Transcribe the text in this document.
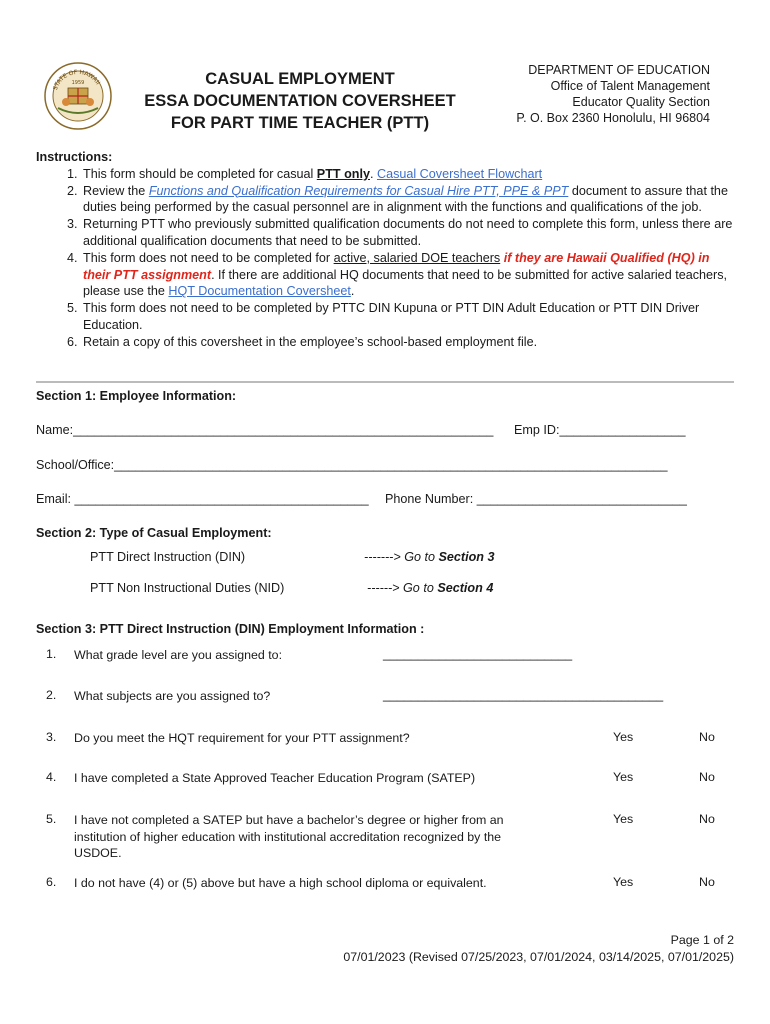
STATE OF HAWAII
1959	CASUAL EMPLOYMENT
ESSA DOCUMENTATION COVERSHEET
FOR PART TIME TEACHER (PTT)
DEPARTMENT OF EDUCATION
Office of Talent Management
Educator Quality Section
P. O. Box 2360 Honolulu, HI 96804
Instructions:
1. This form should be completed for casual PTT only. Casual Coversheet Flowchart
2. Review the Functions and Qualification Requirements for Casual Hire PTT, PPE & PPT document to assure that the duties being performed by the casual personnel are in alignment with the functions and qualifications of the job.
3. Returning PTT who previously submitted qualification documents do not need to complete this form, unless there are additional qualification documents that need to be submitted.
4. This form does not need to be completed for active, salaried DOE teachers if they are Hawaii Qualified (HQ) in their PTT assignment. If there are additional HQ documents that need to be submitted for active salaried teachers, please use the HQT Documentation Coversheet.
5. This form does not need to be completed by PTTC DIN Kupuna or PTT DIN Adult Education or PTT DIN Driver Education.
6. Retain a copy of this coversheet in the employee’s school-based employment file.
Section 1: Employee Information:
Name:____________________________________________________________ Emp ID:__________________
School/Office:_______________________________________________________________________________
Email: __________________________________________ Phone Number: ______________________________
Section 2: Type of Casual Employment:
PTT Direct Instruction (DIN)	-------> Go to Section 3
PTT Non Instructional Duties (NID)	------> Go to Section 4
Section 3: PTT Direct Instruction (DIN) Employment Information :
1. What grade level are you assigned to:	___________________________
2. What subjects are you assigned to?	________________________________________
3. Do you meet the HQT requirement for your PTT assignment?	Yes	No
4. I have completed a State Approved Teacher Education Program (SATEP)	Yes	No
5. I have not completed a SATEP but have a bachelor’s degree or higher from an
institution of higher education with institutional accreditation recognized by the
USDOE.
Yes	No
6. I do not have (4) or (5) above but have a high school diploma or equivalent.	Yes	No
Page 1 of 2
07/01/2023 (Revised 07/25/2023, 07/01/2024, 03/14/2025, 07/01/2025)
